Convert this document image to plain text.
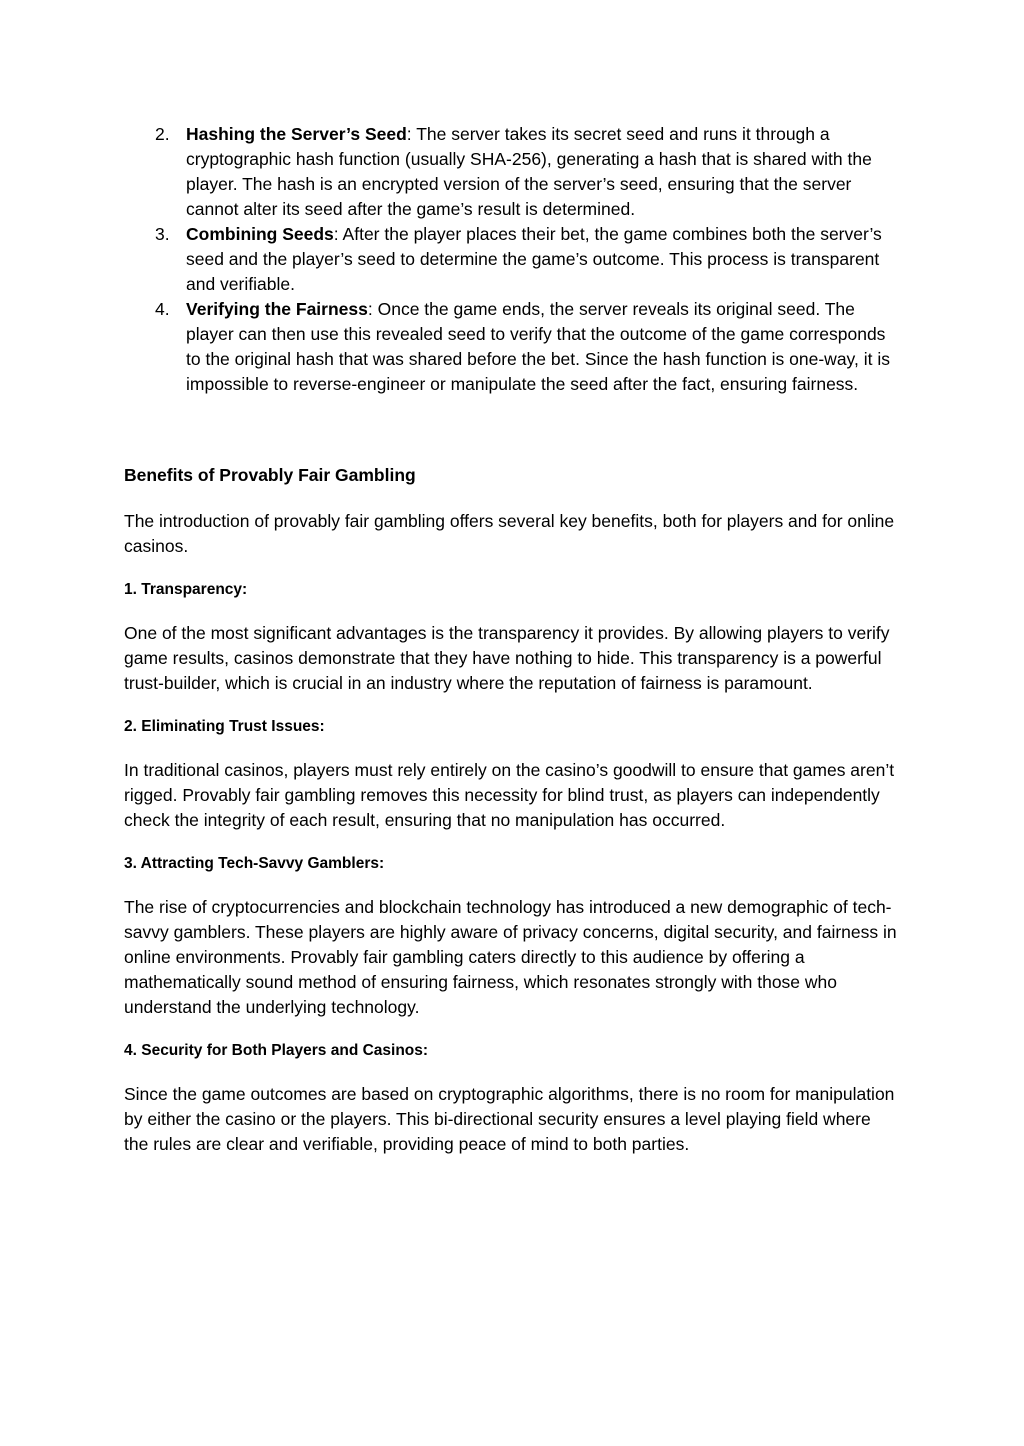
2. Hashing the Server’s Seed: The server takes its secret seed and runs it through a cryptographic hash function (usually SHA-256), generating a hash that is shared with the player. The hash is an encrypted version of the server’s seed, ensuring that the server cannot alter its seed after the game’s result is determined.
3. Combining Seeds: After the player places their bet, the game combines both the server’s seed and the player’s seed to determine the game’s outcome. This process is transparent and verifiable.
4. Verifying the Fairness: Once the game ends, the server reveals its original seed. The player can then use this revealed seed to verify that the outcome of the game corresponds to the original hash that was shared before the bet. Since the hash function is one-way, it is impossible to reverse-engineer or manipulate the seed after the fact, ensuring fairness.
Benefits of Provably Fair Gambling

The introduction of provably fair gambling offers several key benefits, both for players and for online casinos.

1. Transparency:

One of the most significant advantages is the transparency it provides. By allowing players to verify game results, casinos demonstrate that they have nothing to hide. This transparency is a powerful trust-builder, which is crucial in an industry where the reputation of fairness is paramount.

2. Eliminating Trust Issues:

In traditional casinos, players must rely entirely on the casino’s goodwill to ensure that games aren’t rigged. Provably fair gambling removes this necessity for blind trust, as players can independently check the integrity of each result, ensuring that no manipulation has occurred.

3. Attracting Tech-Savvy Gamblers:

The rise of cryptocurrencies and blockchain technology has introduced a new demographic of tech-savvy gamblers. These players are highly aware of privacy concerns, digital security, and fairness in online environments. Provably fair gambling caters directly to this audience by offering a mathematically sound method of ensuring fairness, which resonates strongly with those who understand the underlying technology.

4. Security for Both Players and Casinos:

Since the game outcomes are based on cryptographic algorithms, there is no room for manipulation by either the casino or the players. This bi-directional security ensures a level playing field where the rules are clear and verifiable, providing peace of mind to both parties.
